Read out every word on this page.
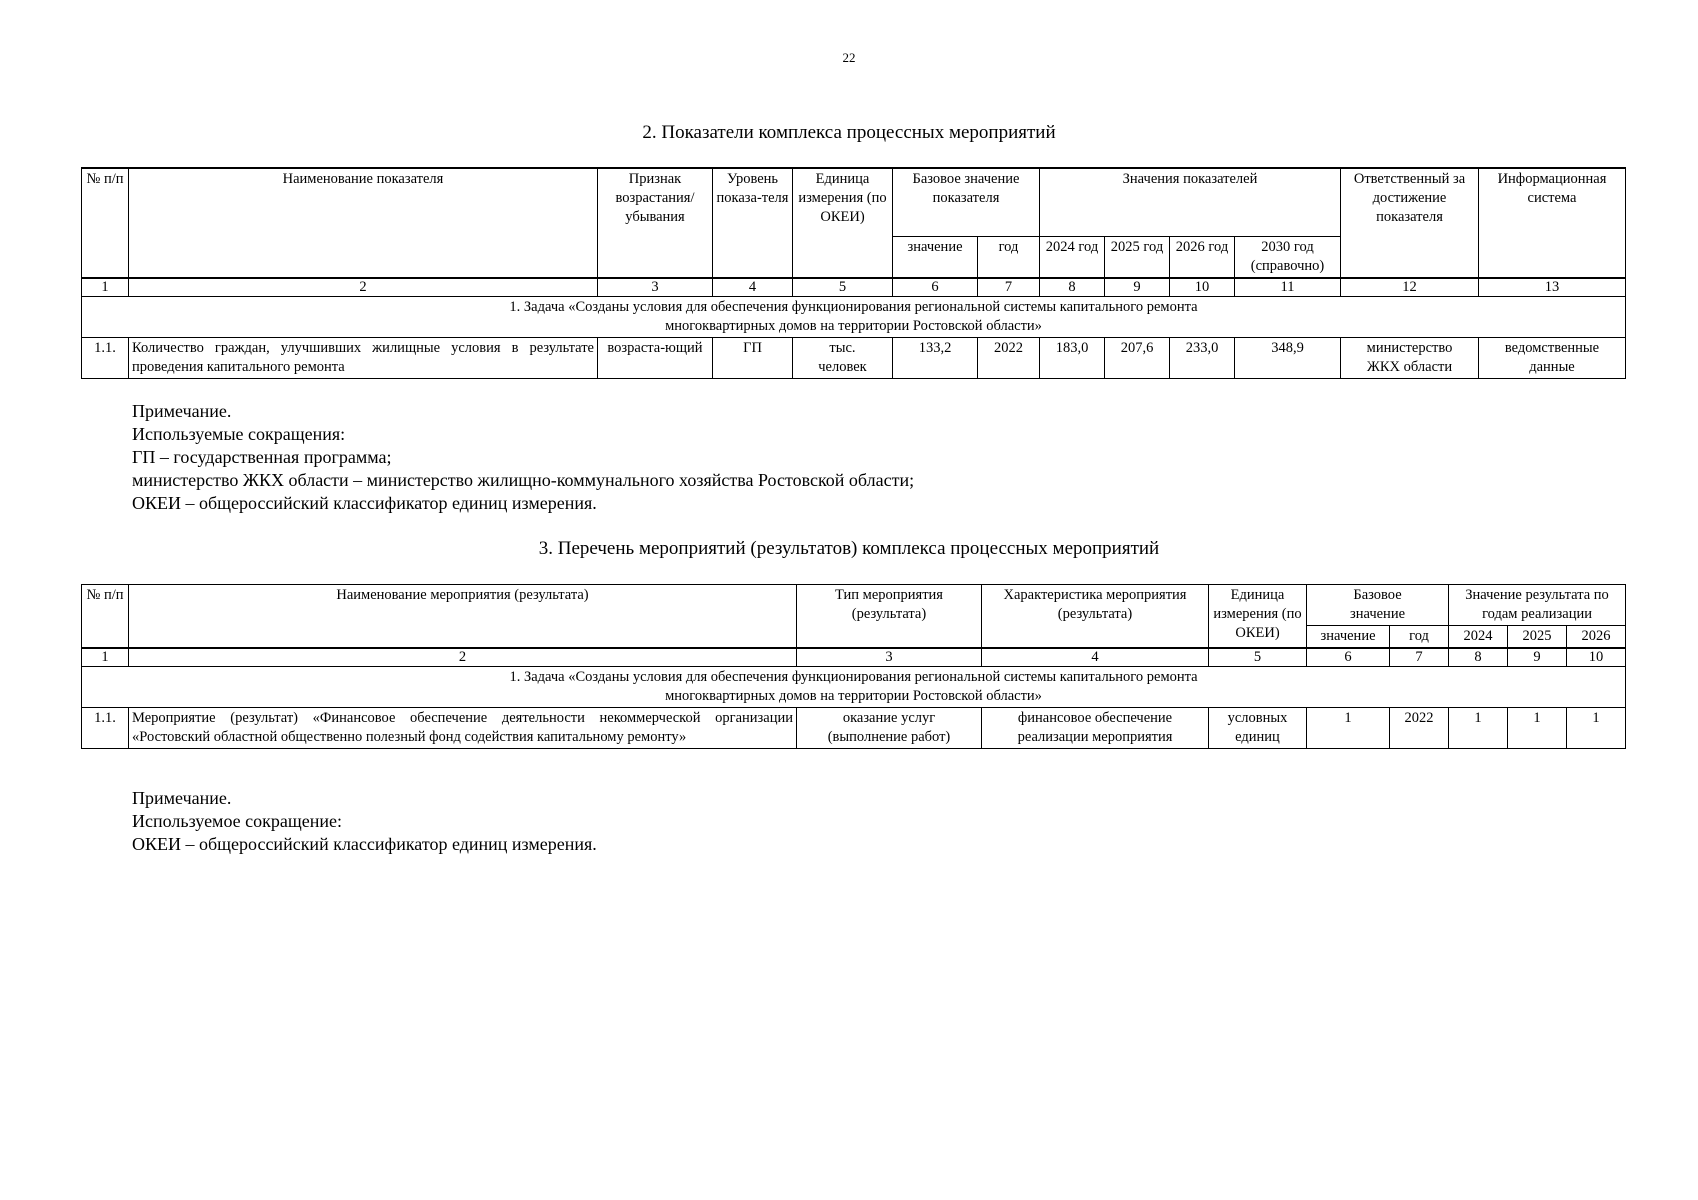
22
2. Показатели комплекса процессных мероприятий
№ п/п	Наименование показателя	Признак возрастания/ убывания	Уровень показа-теля	Единица измерения (по ОКЕИ)	Базовое значение показателя		Значения показателей				Ответственный за достижение показателя	Информационная система
					значение	год	2024 год	2025 год	2026 год	2030 год (справочно)		
1	2	3	4	5	6	7	8	9	10	11	12	13
1. Задача «Созданы условия для обеспечения функционирования региональной системы капитального ремонта многоквартирных домов на территории Ростовской области»												
1.1.	Количество граждан, улучшивших жилищные условия в результате проведения капитального ремонта	возраста-ющий	ГП	тыс. человек	133,2	2022	183,0	207,6	233,0	348,9	министерство ЖКХ области	ведомственные данные
Примечание.
Используемые сокращения:
ГП – государственная программа;
министерство ЖКХ области – министерство жилищно-коммунального хозяйства Ростовской области;
ОКЕИ – общероссийский классификатор единиц измерения.
3. Перечень мероприятий (результатов) комплекса процессных мероприятий
№ п/п	Наименование мероприятия (результата)	Тип мероприятия (результата)	Характеристика мероприятия (результата)	Единица измерения (по ОКЕИ)	Базовое значение		Значение результата по годам реализации		
					значение	год	2024	2025	2026
1	2	3	4	5	6	7	8	9	10
1. Задача «Созданы условия для обеспечения функционирования региональной системы капитального ремонта многоквартирных домов на территории Ростовской области»									
1.1.	Мероприятие (результат) «Финансовое обеспечение деятельности некоммерческой организации «Ростовский областной общественно полезный фонд содействия капитальному ремонту»	оказание услуг (выполнение работ)	финансовое обеспечение реализации мероприятия	условных единиц	1	2022	1	1	1
Примечание.
Используемое сокращение:
ОКЕИ – общероссийский классификатор единиц измерения.
